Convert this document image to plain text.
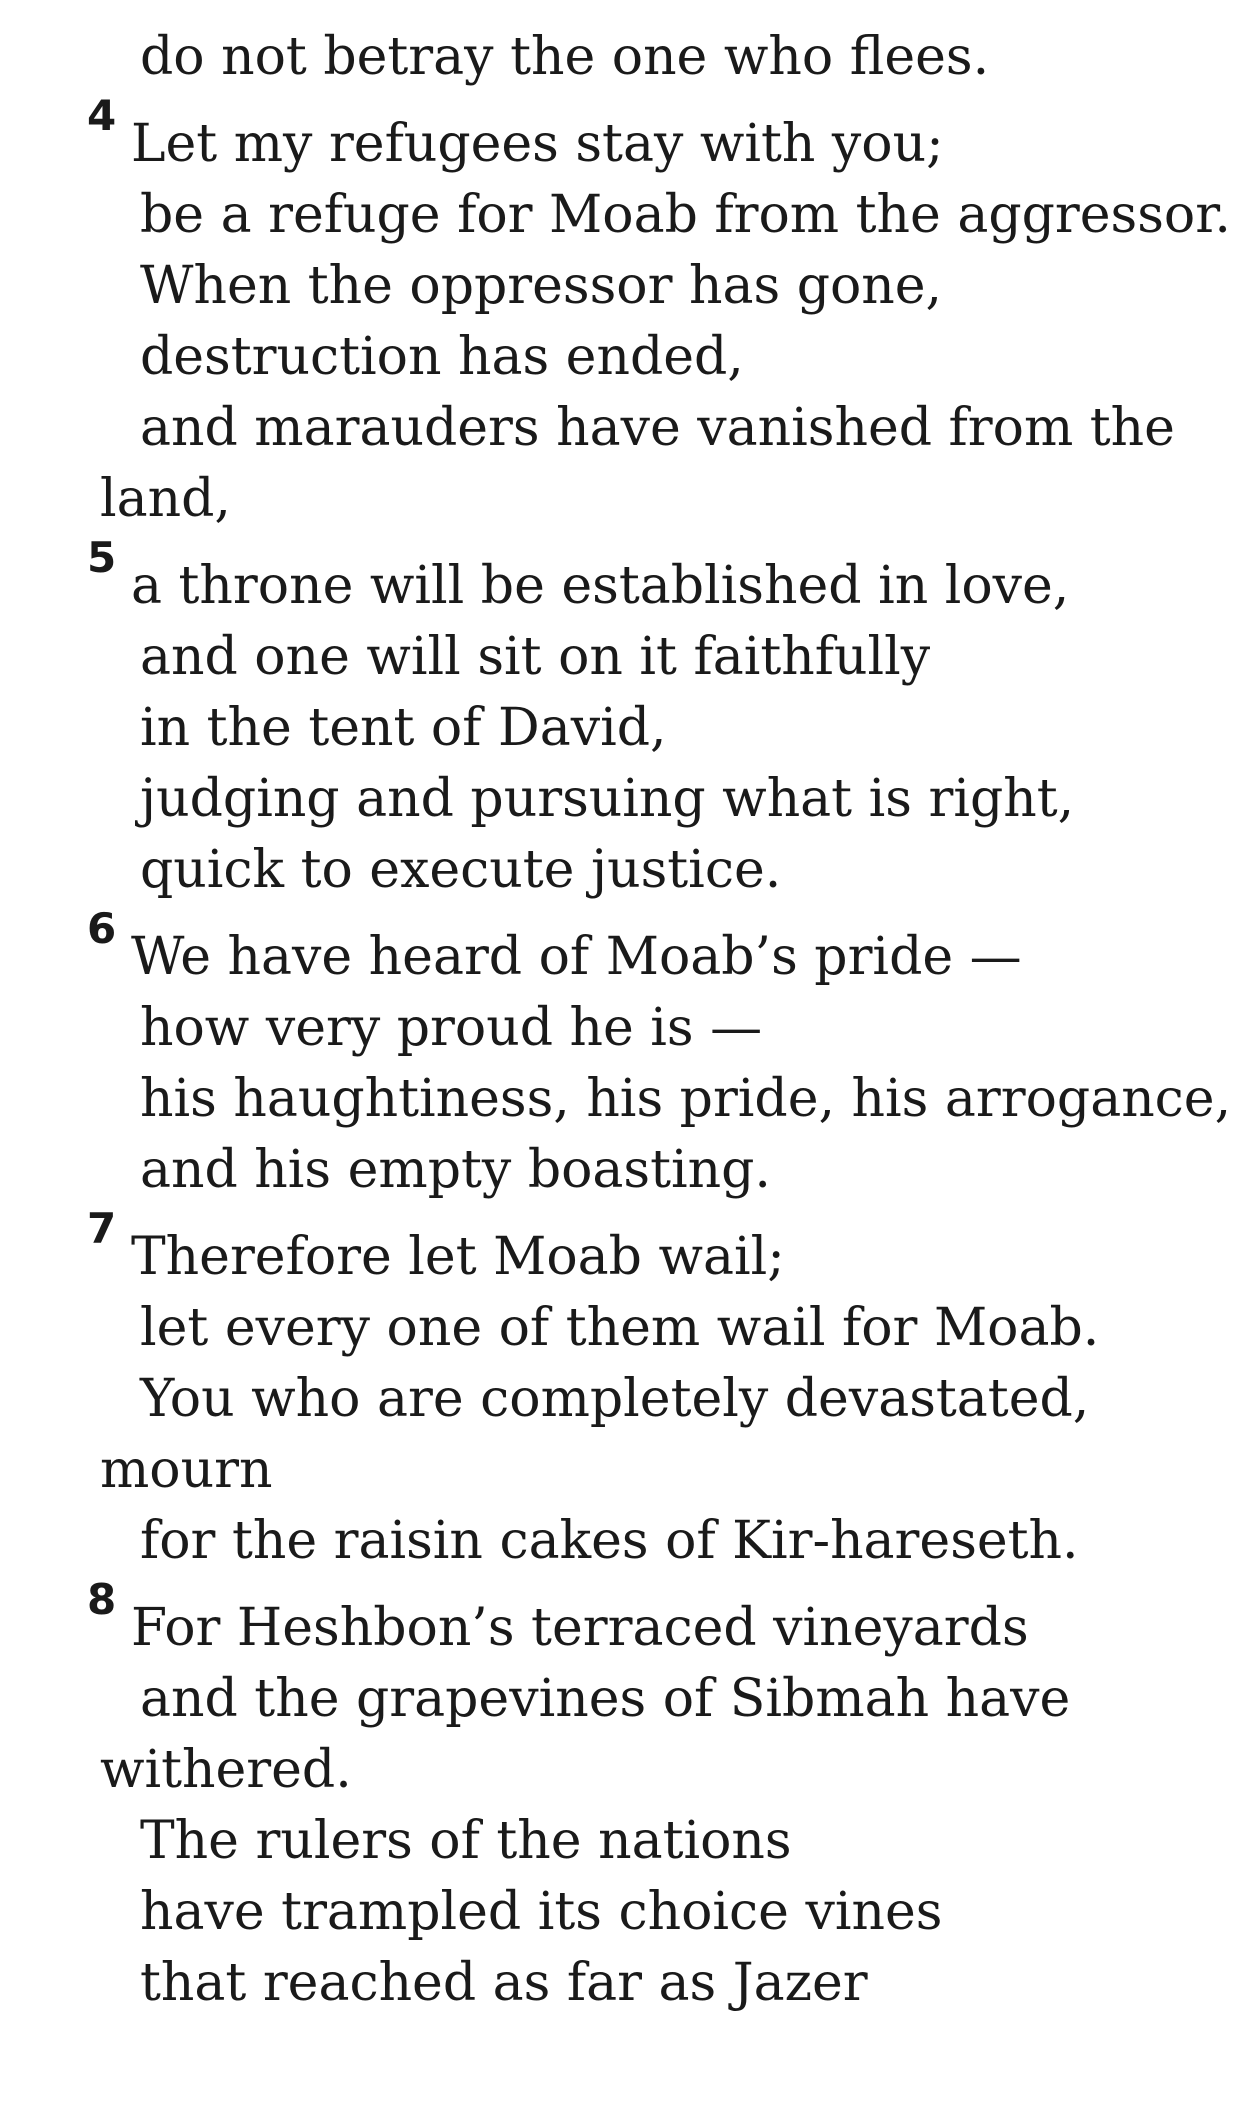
do not betray the one who flees.
4 Let my refugees stay with you;
be a refuge for Moab from the aggressor.
When the oppressor has gone,
destruction has ended,
and marauders have vanished from the
land,
5 a throne will be established in love,
and one will sit on it faithfully
in the tent of David,
judging and pursuing what is right,
quick to execute justice.
6 We have heard of Moab’s pride —
how very proud he is —
his haughtiness, his pride, his arrogance,
and his empty boasting.
7 Therefore let Moab wail;
let every one of them wail for Moab.
You who are completely devastated,
mourn
for the raisin cakes of Kir-hareseth.
8 For Heshbon’s terraced vineyards
and the grapevines of Sibmah have
withered.
The rulers of the nations
have trampled its choice vines
that reached as far as Jazer
